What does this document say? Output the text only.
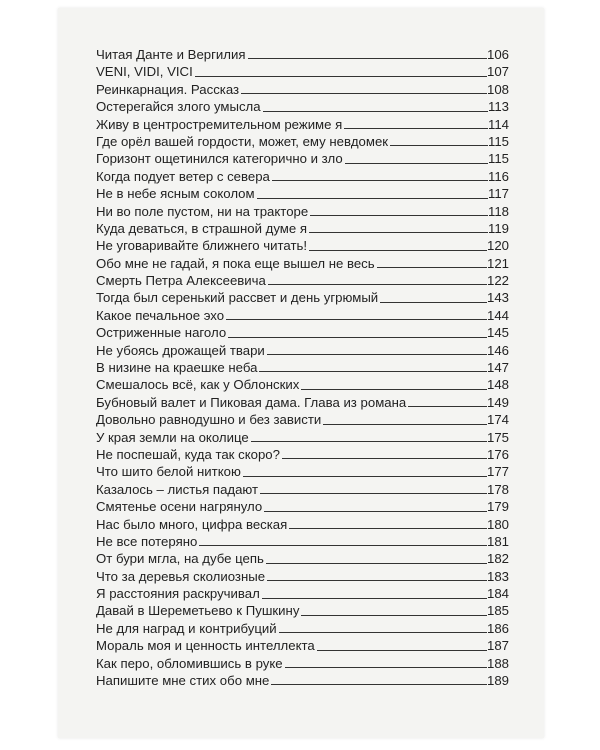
Читая Данте и Вергилия	106
VENI, VIDI, VICI	107
Реинкарнация. Рассказ	108
Остерегайся злого умысла	113
Живу в центростремительном режиме я	114
Где орёл вашей гордости, может, ему невдомек	115
Горизонт ощетинился категорично и зло	115
Когда подует ветер с севера	116
Не в небе ясным соколом	117
Ни во поле пустом, ни на тракторе	118
Куда деваться, в страшной думе я	119
Не уговаривайте ближнего читать!	120
Обо мне не гадай, я пока еще вышел не весь	121
Смерть Петра Алексеевича	122
Тогда был серенький рассвет и день угрюмый	143
Какое печальное эхо	144
Остриженные наголо	145
Не убоясь дрожащей твари	146
В низине на краешке неба	147
Смешалось всё, как у Облонских	148
Бубновый валет и Пиковая дама. Глава из романа	149
Довольно равнодушно и без зависти	174
У края земли на околице	175
Не поспешай, куда так скоро?	176
Что шито белой ниткою	177
Казалось – листья падают	178
Смятенье осени нагрянуло	179
Нас было много, цифра веская	180
Не все потеряно	181
От бури мгла, на дубе цепь	182
Что за деревья сколиозные	183
Я расстояния раскручивал	184
Давай в Шереметьево к Пушкину	185
Не для наград и контрибуций	186
Мораль моя и ценность интеллекта	187
Как перо, обломившись в руке	188
Напишите мне стих обо мне	189
